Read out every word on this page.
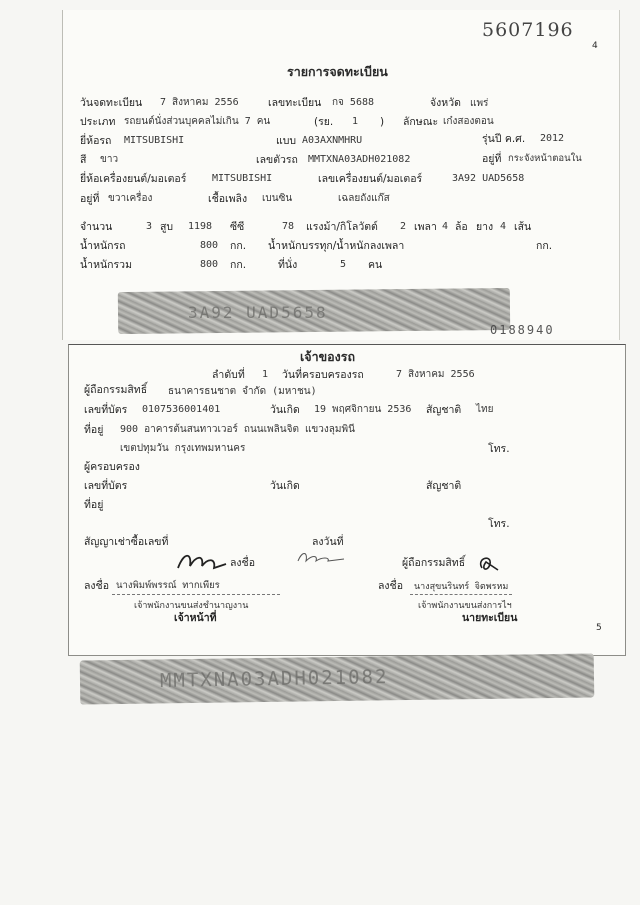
5607196
4
รายการจดทะเบียน
วันจดทะเบียน 7 สิงหาคม 2556	เลขทะเบียน กจ 5688	จังหวัด แพร่
ประเภท รถยนต์นั่งส่วนบุคคลไม่เกิน 7 คน	(รย. 1 ) ลักษณะ เก๋งสองตอน
ยี่ห้อรถ MITSUBISHI	แบบ A03AXNMHRU	รุ่นปี ค.ศ. 2012
สี ขาว	เลขตัวรถ MMTXNA03ADH021082	อยู่ที่ กระจังหน้าตอนใน
ยี่ห้อเครื่องยนต์/มอเตอร์	MITSUBISHI	เลขเครื่องยนต์/มอเตอร์	3A92 UAD5658
อยู่ที่ ขวาเครื่อง	เชื้อเพลิง เบนซิน	เฉลยถังแก๊ส
จำนวน	3 สูบ 1198 ซีซี	78 แรงม้า/กิโลวัตต์ 2 เพลา 4 ล้อ ยาง 4 เส้น
น้ำหนักรถ	800 กก. น้ำหนักบรรทุก/น้ำหนักลงเพลา	กก.
น้ำหนักรวม	800 กก.	ที่นั่ง	5 คน
3A92 UAD5658
0188940
เจ้าของรถ
ลำดับที่ 1 วันที่ครอบครองรถ	7 สิงหาคม 2556
ผู้ถือกรรมสิทธิ์ ธนาคารธนชาต จำกัด (มหาชน)
เลขที่บัตร 0107536001401	วันเกิด 19 พฤศจิกายน 2536 สัญชาติ ไทย
ที่อยู่ 900 อาคารต้นสนทาวเวอร์ ถนนเพลินจิต แขวงลุมพินี
เขตปทุมวัน กรุงเทพมหานคร	โทร.
ผู้ครอบครอง
เลขที่บัตร	วันเกิด	สัญชาติ
ที่อยู่
โทร.
สัญญาเช่าซื้อเลขที่	ลงวันที่
ลงชื่อ	ผู้ถือกรรมสิทธิ์
ลงชื่อ นางพิมพ์พรรณ์ ทากเพียร	ลงชื่อ นางสุขนรินทร์ จิตพรหม
เจ้าพนักงานขนส่งชำนาญงาน	เจ้าพนักงานขนส่งการไฯ
เจ้าหน้าที่	นายทะเบียน
5
MMTXNA03ADH021082
